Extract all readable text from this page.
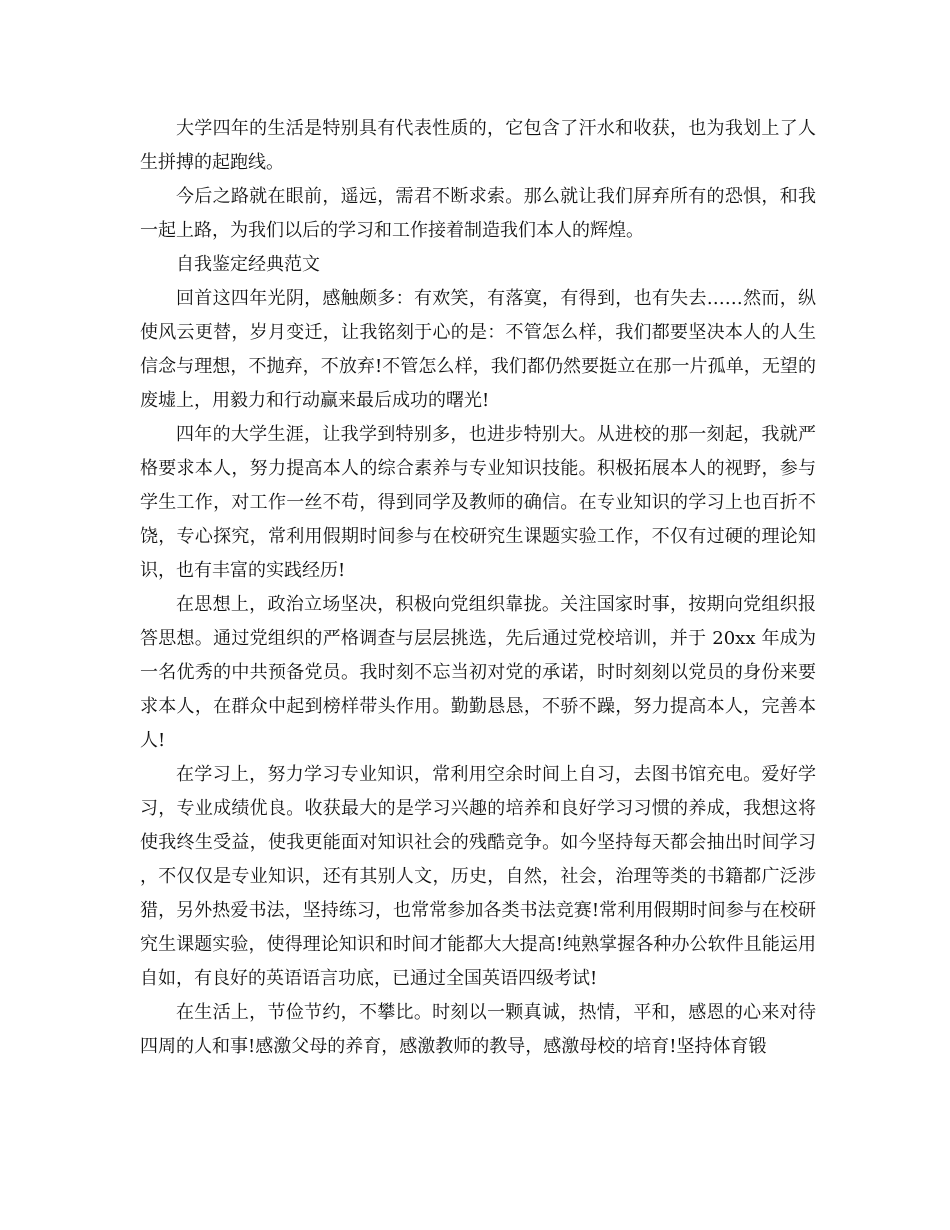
大学四年的生活是特别具有代表性质的，它包含了汗水和收获，也为我划上了人生拼搏的起跑线。

今后之路就在眼前，遥远，需君不断求索。那么就让我们屏弃所有的恐惧，和我一起上路，为我们以后的学习和工作接着制造我们本人的辉煌。

自我鉴定经典范文

回首这四年光阴，感触颇多：有欢笑，有落寞，有得到，也有失去……然而，纵使风云更替，岁月变迁，让我铭刻于心的是：不管怎么样，我们都要坚决本人的人生信念与理想，不抛弃，不放弃!不管怎么样，我们都仍然要挺立在那一片孤单，无望的废墟上，用毅力和行动赢来最后成功的曙光!

四年的大学生涯，让我学到特别多，也进步特别大。从进校的那一刻起，我就严格要求本人，努力提高本人的综合素养与专业知识技能。积极拓展本人的视野，参与学生工作，对工作一丝不苟，得到同学及教师的确信。在专业知识的学习上也百折不饶，专心探究，常利用假期时间参与在校研究生课题实验工作，不仅有过硬的理论知识，也有丰富的实践经历!

在思想上，政治立场坚决，积极向党组织靠拢。关注国家时事，按期向党组织报答思想。通过党组织的严格调查与层层挑选，先后通过党校培训，并于 20xx 年成为一名优秀的中共预备党员。我时刻不忘当初对党的承诺，时时刻刻以党员的身份来要求本人，在群众中起到榜样带头作用。勤勤恳恳，不骄不躁，努力提高本人，完善本人!

在学习上，努力学习专业知识，常利用空余时间上自习，去图书馆充电。爱好学习，专业成绩优良。收获最大的是学习兴趣的培养和良好学习习惯的养成，我想这将使我终生受益，使我更能面对知识社会的残酷竞争。如今坚持每天都会抽出时间学习，不仅仅是专业知识，还有其别人文，历史，自然，社会，治理等类的书籍都广泛涉猎，另外热爱书法，坚持练习，也常常参加各类书法竞赛!常利用假期时间参与在校研究生课题实验，使得理论知识和时间才能都大大提高!纯熟掌握各种办公软件且能运用自如，有良好的英语语言功底，已通过全国英语四级考试!

在生活上，节俭节约，不攀比。时刻以一颗真诚，热情，平和，感恩的心来对待四周的人和事!感激父母的养育，感激教师的教导，感激母校的培育!坚持体育锻
